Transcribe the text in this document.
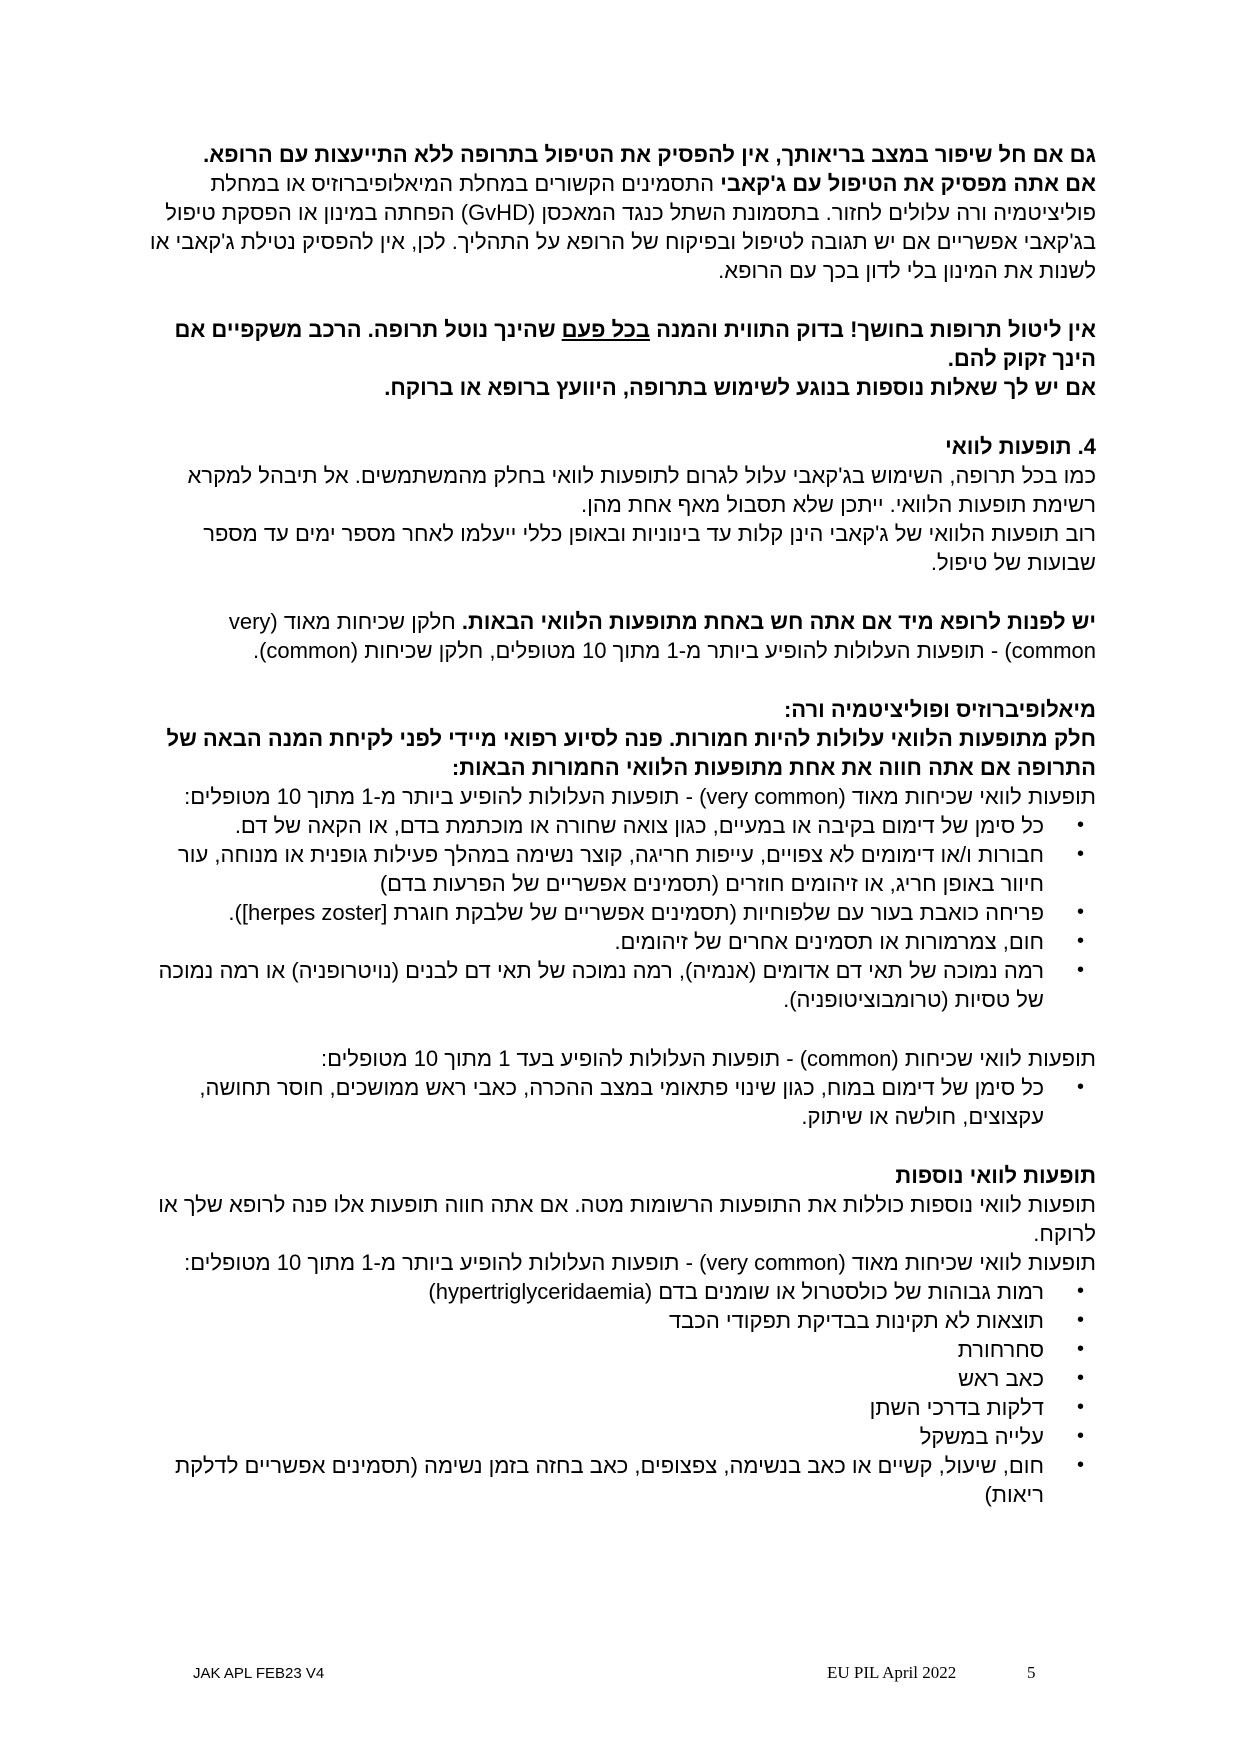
גם אם חל שיפור במצב בריאותך, אין להפסיק את הטיפול בתרופה ללא התייעצות עם הרופא.

אם אתה מפסיק את הטיפול עם ג'קאבי התסמינים הקשורים במחלת המיאלופיברוזיס או במחלת פוליציטמיה ורה עלולים לחזור. בתסמונת השתל כנגד המאכסן (GvHD) הפחתה במינון או הפסקת טיפול בג'קאבי אפשריים אם יש תגובה לטיפול ובפיקוח של הרופא על התהליך. לכן, אין להפסיק נטילת ג'קאבי או לשנות את המינון בלי לדון בכך עם הרופא.

אין ליטול תרופות בחושך! בדוק התווית והמנה בכל פעם שהינך נוטל תרופה. הרכב משקפיים אם הינך זקוק להם.

אם יש לך שאלות נוספות בנוגע לשימוש בתרופה, היוועץ ברופא או ברוקח.

4. תופעות לוואי

כמו בכל תרופה, השימוש בג'קאבי עלול לגרום לתופעות לוואי בחלק מהמשתמשים. אל תיבהל למקרא רשימת תופעות הלוואי. ייתכן שלא תסבול מאף אחת מהן.

רוב תופעות הלוואי של ג'קאבי הינן קלות עד בינוניות ובאופן כללי ייעלמו לאחר מספר ימים עד מספר שבועות של טיפול.

יש לפנות לרופא מיד אם אתה חש באחת מתופעות הלוואי הבאות. חלקן שכיחות מאוד (very common) - תופעות העלולות להופיע ביותר מ-1 מתוך 10 מטופלים, חלקן שכיחות (common).

מיאלופיברוזיס ופוליציטמיה ורה:

חלק מתופעות הלוואי עלולות להיות חמורות. פנה לסיוע רפואי מיידי לפני לקיחת המנה הבאה של התרופה אם אתה חווה את אחת מתופעות הלוואי החמורות הבאות:

תופעות לוואי שכיחות מאוד (very common) - תופעות העלולות להופיע ביותר מ-1 מתוך 10 מטופלים:

• כל סימן של דימום בקיבה או במעיים, כגון צואה שחורה או מוכתמת בדם, או הקאה של דם.
• חבורות ו/או דימומים לא צפויים, עייפות חריגה, קוצר נשימה במהלך פעילות גופנית או מנוחה, עור חיוור באופן חריג, או זיהומים חוזרים (תסמינים אפשריים של הפרעות בדם)
• פריחה כואבת בעור עם שלפוחיות (תסמינים אפשריים של שלבקת חוגרת [herpes zoster]).
• חום, צמרמורות או תסמינים אחרים של זיהומים.
• רמה נמוכה של תאי דם אדומים (אנמיה), רמה נמוכה של תאי דם לבנים (נויטרופניה) או רמה נמוכה של טסיות (טרומבוציטופניה).

תופעות לוואי שכיחות (common) - תופעות העלולות להופיע בעד 1 מתוך 10 מטופלים:

• כל סימן של דימום במוח, כגון שינוי פתאומי במצב ההכרה, כאבי ראש ממושכים, חוסר תחושה, עקצוצים, חולשה או שיתוק.

תופעות לוואי נוספות

תופעות לוואי נוספות כוללות את התופעות הרשומות מטה. אם אתה חווה תופעות אלו פנה לרופא שלך או לרוקח.

תופעות לוואי שכיחות מאוד (very common) - תופעות העלולות להופיע ביותר מ-1 מתוך 10 מטופלים:

• רמות גבוהות של כולסטרול או שומנים בדם (hypertriglyceridaemia)
• תוצאות לא תקינות בבדיקת תפקודי הכבד
• סחרחורת
• כאב ראש
• דלקות בדרכי השתן
• עלייה במשקל
• חום, שיעול, קשיים או כאב בנשימה, צפצופים, כאב בחזה בזמן נשימה (תסמינים אפשריים לדלקת ריאות)
JAK APL FEB23 V4	EU PIL April 2022	5
